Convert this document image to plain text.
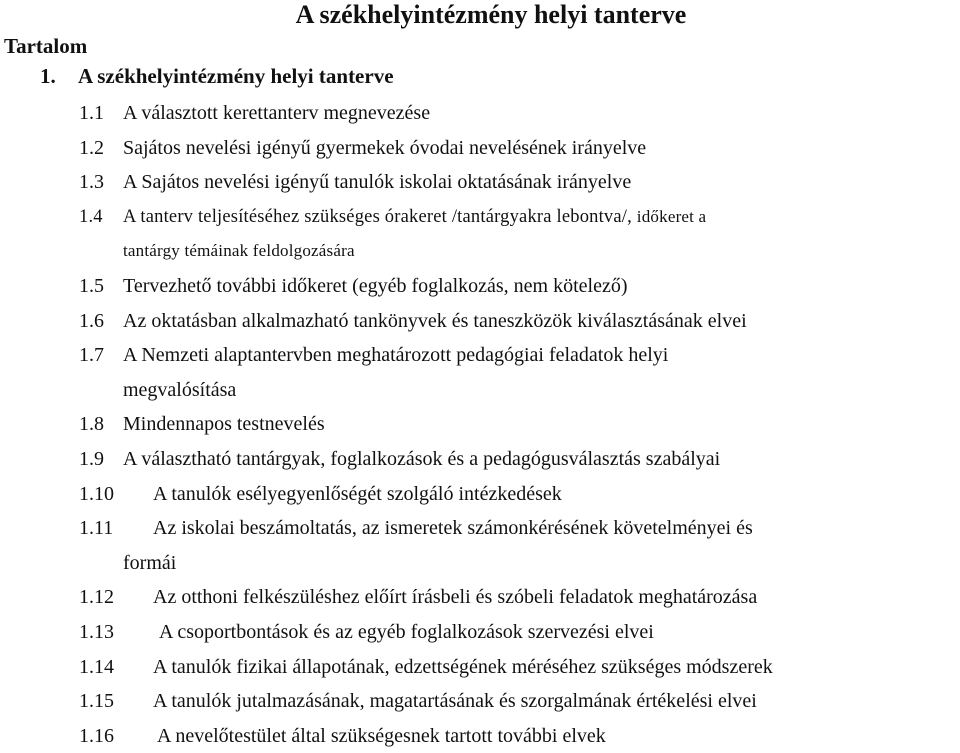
A székhelyintézmény helyi tanterve
Tartalom
1. A székhelyintézmény helyi tanterve
1.1 A választott kerettanterv megnevezése
1.2 Sajátos nevelési igényű gyermekek óvodai nevelésének irányelve
1.3 A Sajátos nevelési igényű tanulók iskolai oktatásának irányelve
1.4 A tanterv teljesítéséhez szükséges órakeret /tantárgyakra lebontva/, időkeret a
tantárgy témáinak feldolgozására
1.5 Tervezhető további időkeret (egyéb foglalkozás, nem kötelező)
1.6 Az oktatásban alkalmazható tankönyvek és taneszközök kiválasztásának elvei
1.7 A Nemzeti alaptantervben meghatározott pedagógiai feladatok helyi
megvalósítása
1.8 Mindennapos testnevelés
1.9 A választható tantárgyak, foglalkozások és a pedagógusválasztás szabályai
1.10 A tanulók esélyegyenlőségét szolgáló intézkedések
1.11 Az iskolai beszámoltatás, az ismeretek számonkérésének követelményei és
formái
1.12 Az otthoni felkészüléshez előírt írásbeli és szóbeli feladatok meghatározása
1.13 A csoportbontások és az egyéb foglalkozások szervezési elvei
1.14 A tanulók fizikai állapotának, edzettségének méréséhez szükséges módszerek
1.15 A tanulók jutalmazásának, magatartásának és szorgalmának értékelési elvei
1.16 A nevelőtestület által szükségesnek tartott további elvek
